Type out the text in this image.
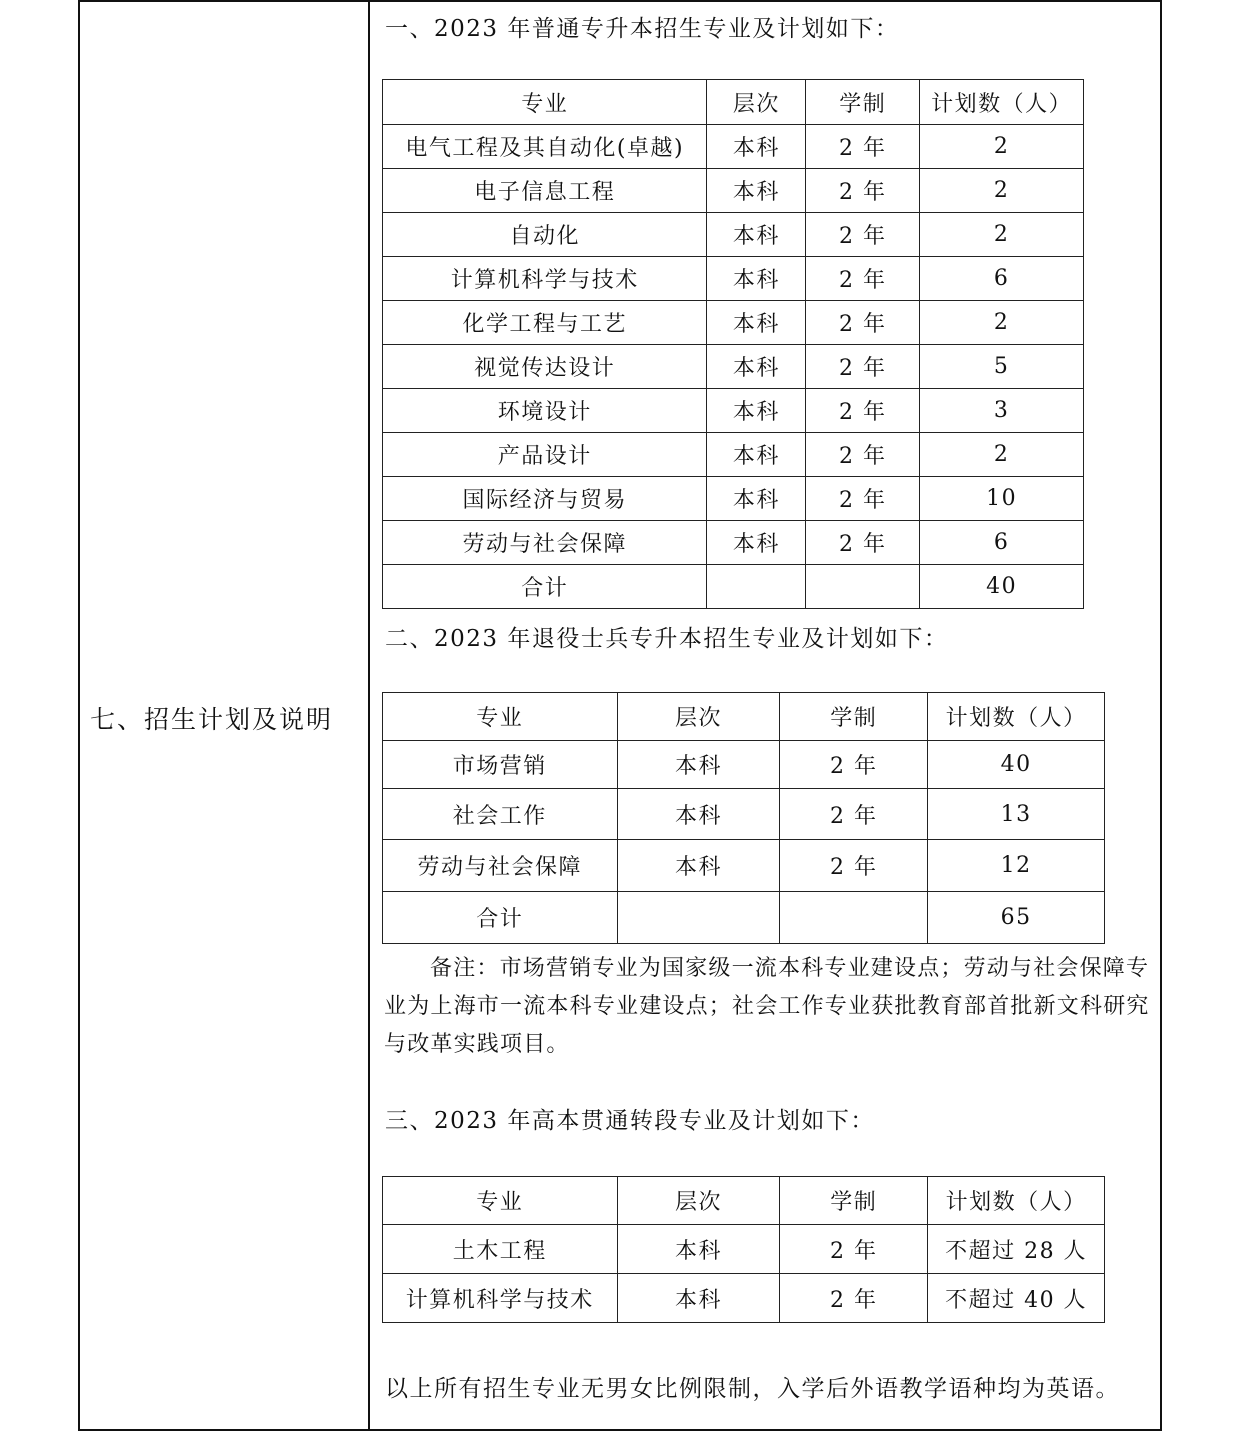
七、招生计划及说明
一、2023 年普通专升本招生专业及计划如下：
专业	层次	学制	计划数（人）
电气工程及其自动化(卓越)	本科	2 年	2
电子信息工程	本科	2 年	2
自动化	本科	2 年	2
计算机科学与技术	本科	2 年	6
化学工程与工艺	本科	2 年	2
视觉传达设计	本科	2 年	5
环境设计	本科	2 年	3
产品设计	本科	2 年	2
国际经济与贸易	本科	2 年	10
劳动与社会保障	本科	2 年	6
合计			40
二、2023 年退役士兵专升本招生专业及计划如下：
专业	层次	学制	计划数（人）
市场营销	本科	2 年	40
社会工作	本科	2 年	13
劳动与社会保障	本科	2 年	12
合计			65
备注：市场营销专业为国家级一流本科专业建设点；劳动与社会保障专业为上海市一流本科专业建设点；社会工作专业获批教育部首批新文科研究与改革实践项目。
三、2023 年高本贯通转段专业及计划如下：
专业	层次	学制	计划数（人）
土木工程	本科	2 年	不超过 28 人
计算机科学与技术	本科	2 年	不超过 40 人
以上所有招生专业无男女比例限制，入学后外语教学语种均为英语。
